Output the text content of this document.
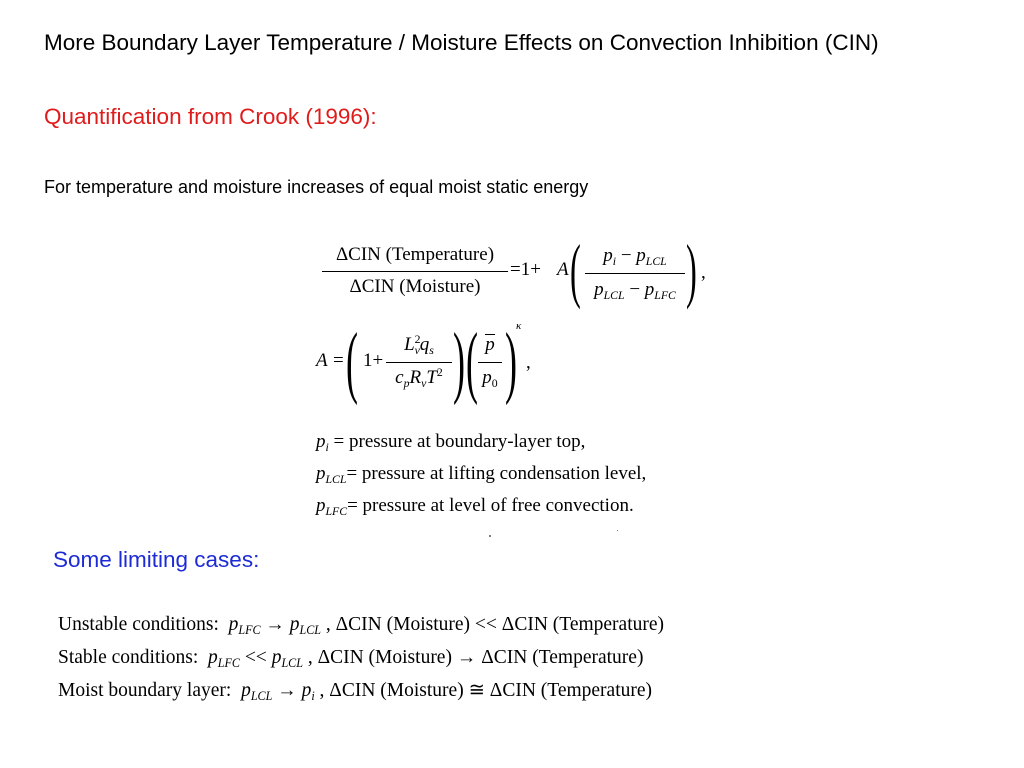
More Boundary Layer Temperature / Moisture Effects on Convection Inhibition (CIN)
Quantification from Crook (1996):
For temperature and moisture increases of equal moist static energy
ΔCIN (Temperature)
ΔCIN (Moisture)
=1+ A (	$p_i - p_{LCL}$
$p_{LCL} - p_{LFC}$ ) ,
A = ( 1+
$L^2_vq_s$
$c_pR_vT^2$ ) ( p
$p_0$ ) κ
,
$p_i$ = pressure at boundary-layer top,
$p_{LCL}=$ pressure at lifting condensation level,
$p_{LFC}=$ pressure at level of free convection.
Some limiting cases:
Unstable conditions: $p_{LFC} \to p_{LCL}$ , ΔCIN (Moisture) << ΔCIN (Temperature)
Stable conditions: $p_{LFC} << p_{LCL}$ , ΔCIN (Moisture) → ΔCIN (Temperature)
Moist boundary layer: $p_{LCL} \to p_i$ , ΔCIN (Moisture) ≅ ΔCIN (Temperature)
